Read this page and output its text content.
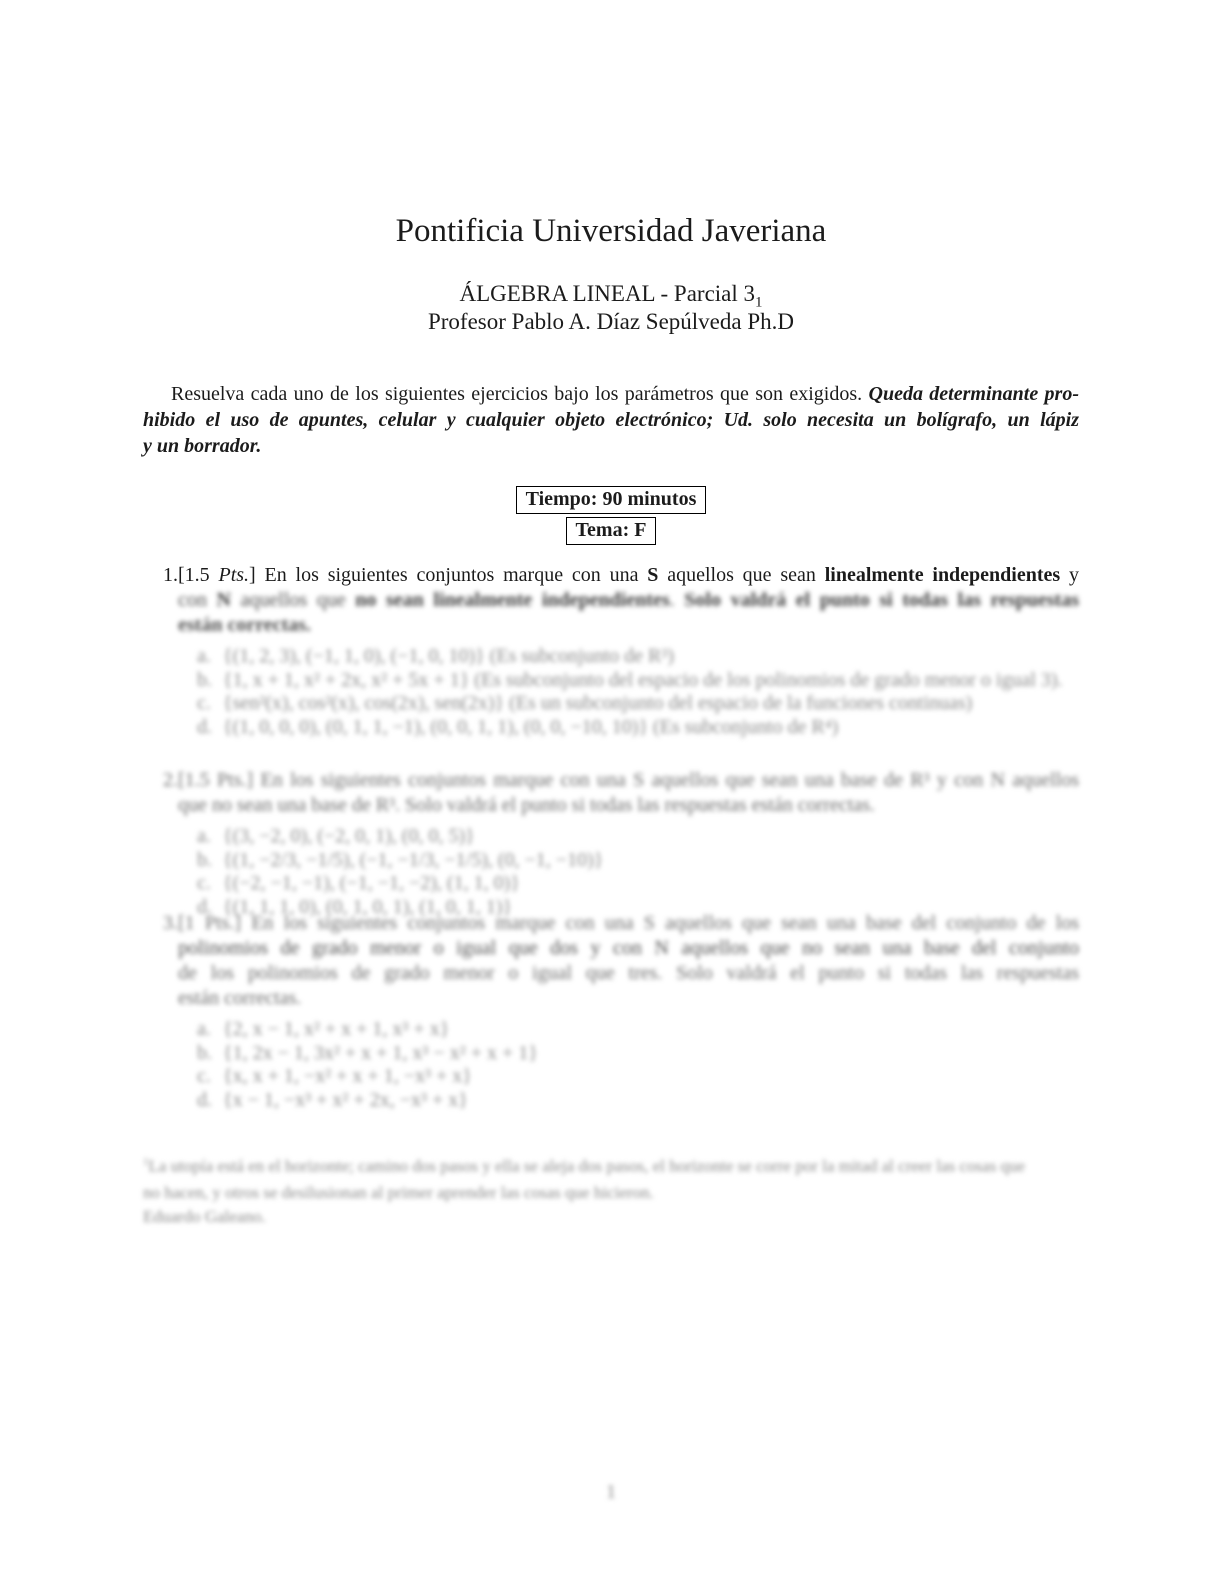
Pontificia Universidad Javeriana
ÁLGEBRA LINEAL - Parcial $3_1$
Profesor Pablo A. Díaz Sepúlveda Ph.D
Resuelva cada uno de los siguientes ejercicios bajo los parámetros que son exigidos. Queda determinante pro-
hibido el uso de apuntes, celular y cualquier objeto electrónico; Ud. solo necesita un bolígrafo, un lápiz
y un borrador.
Tiempo: 90 minutos
Tema: F
1. [1.5 Pts.] En los siguientes conjuntos marque con una S aquellos que sean linealmente independientes y
con N aquellos que no sean linealmente independientes. Solo valdrá el punto si todas las respuestas
están correctas.
a. {(1, 2, 3), (−1, 1, 0), (−1, 0, 10)} (Es subconjunto de R³)
b. {1, x + 1, x² + 2x, x² + 5x + 1} (Es subconjunto del espacio de los polinomios de grado menor o igual 3).
c. {sen²(x), cos²(x), cos(2x), sen(2x)} (Es un subconjunto del espacio de la funciones continuas)
d. {(1, 0, 0, 0), (0, 1, 1, −1), (0, 0, 1, 1), (0, 0, −10, 10)} (Es subconjunto de R⁴)
2. [1.5 Pts.] En los siguientes conjuntos marque con una S aquellos que sean una base de R³ y con N aquellos
que no sean una base de R³. Solo valdrá el punto si todas las respuestas están correctas.
a. {(3, −2, 0), (−2, 0, 1), (0, 0, 5)}
b. {(1, −2/3, −1/5), (−1, −1/3, −1/5), (0, −1, −10)}
c. {(−2, −1, −1), (−1, −1, −2), (1, 1, 0)}
d. {(1, 1, 1, 0), (0, 1, 0, 1), (1, 0, 1, 1)}
3. [1 Pts.] En los siguientes conjuntos marque con una S aquellos que sean una base del conjunto de los
polinomios de grado menor o igual que dos y con N aquellos que no sean una base del conjunto
de los polinomios de grado menor o igual que tres. Solo valdrá el punto si todas las respuestas
están correctas.
a. {2, x − 1, x² + x + 1, x³ + x}
b. {1, 2x − 1, 3x² + x + 1, x³ − x² + x + 1}
c. {x, x + 1, −x² + x + 1, −x³ + x}
d. {x − 1, −x³ + x² + 2x, −x³ + x}
$^1$La utopía está en el horizonte; camino dos pasos y ella se aleja dos pasos, el horizonte se corre por la mitad al creer las cosas que
no hacen, y otros se desilusionan al primer aprender las cosas que hicieron.
Eduardo Galeano.
1
